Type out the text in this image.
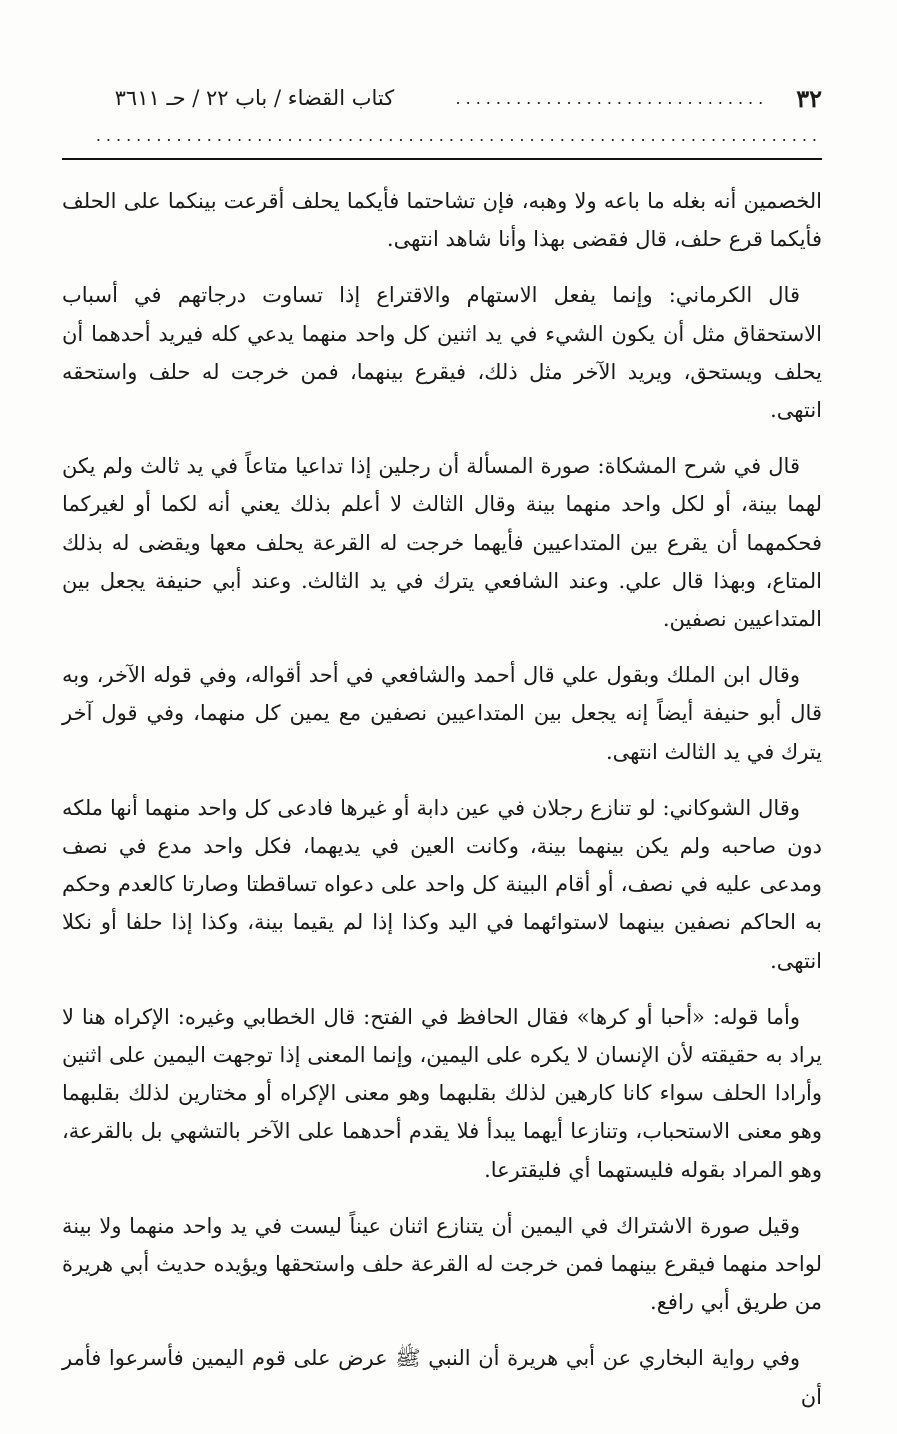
٣٢
...............................
كتاب القضاء / باب ٢٢ / حـ ٣٦١١
........................................................................

الخصمين أنه بغله ما باعه ولا وهبه، فإن تشاحتما فأيكما يحلف أقرعت بينكما على الحلف فأيكما قرع حلف، قال فقضى بهذا وأنا شاهد انتهى.

قال الكرماني: وإنما يفعل الاستهام والاقتراع إذا تساوت درجاتهم في أسباب الاستحقاق مثل أن يكون الشيء في يد اثنين كل واحد منهما يدعي كله فيريد أحدهما أن يحلف ويستحق، ويريد الآخر مثل ذلك، فيقرع بينهما، فمن خرجت له حلف واستحقه انتهى.

قال في شرح المشكاة: صورة المسألة أن رجلين إذا تداعيا متاعاً في يد ثالث ولم يكن لهما بينة، أو لكل واحد منهما بينة وقال الثالث لا أعلم بذلك يعني أنه لكما أو لغيركما فحكمهما أن يقرع بين المتداعيين فأيهما خرجت له القرعة يحلف معها ويقضى له بذلك المتاع، وبهذا قال علي. وعند الشافعي يترك في يد الثالث. وعند أبي حنيفة يجعل بين المتداعيين نصفين.

وقال ابن الملك وبقول علي قال أحمد والشافعي في أحد أقواله، وفي قوله الآخر، وبه قال أبو حنيفة أيضاً إنه يجعل بين المتداعيين نصفين مع يمين كل منهما، وفي قول آخر يترك في يد الثالث انتهى.

وقال الشوكاني: لو تنازع رجلان في عين دابة أو غيرها فادعى كل واحد منهما أنها ملكه دون صاحبه ولم يكن بينهما بينة، وكانت العين في يديهما، فكل واحد مدع في نصف ومدعى عليه في نصف، أو أقام البينة كل واحد على دعواه تساقطتا وصارتا كالعدم وحكم به الحاكم نصفين بينهما لاستوائهما في اليد وكذا إذا لم يقيما بينة، وكذا إذا حلفا أو نكلا انتهى.

وأما قوله: «أحبا أو كرها» فقال الحافظ في الفتح: قال الخطابي وغيره: الإكراه هنا لا يراد به حقيقته لأن الإنسان لا يكره على اليمين، وإنما المعنى إذا توجهت اليمين على اثنين وأرادا الحلف سواء كانا كارهين لذلك بقلبهما وهو معنى الإكراه أو مختارين لذلك بقلبهما وهو معنى الاستحباب، وتنازعا أيهما يبدأ فلا يقدم أحدهما على الآخر بالتشهي بل بالقرعة، وهو المراد بقوله فليستهما أي فليقترعا.

وقيل صورة الاشتراك في اليمين أن يتنازع اثنان عيناً ليست في يد واحد منهما ولا بينة لواحد منهما فيقرع بينهما فمن خرجت له القرعة حلف واستحقها ويؤيده حديث أبي هريرة من طريق أبي رافع.

وفي رواية البخاري عن أبي هريرة أن النبي ﷺ عرض على قوم اليمين فأسرعوا فأمر أن
